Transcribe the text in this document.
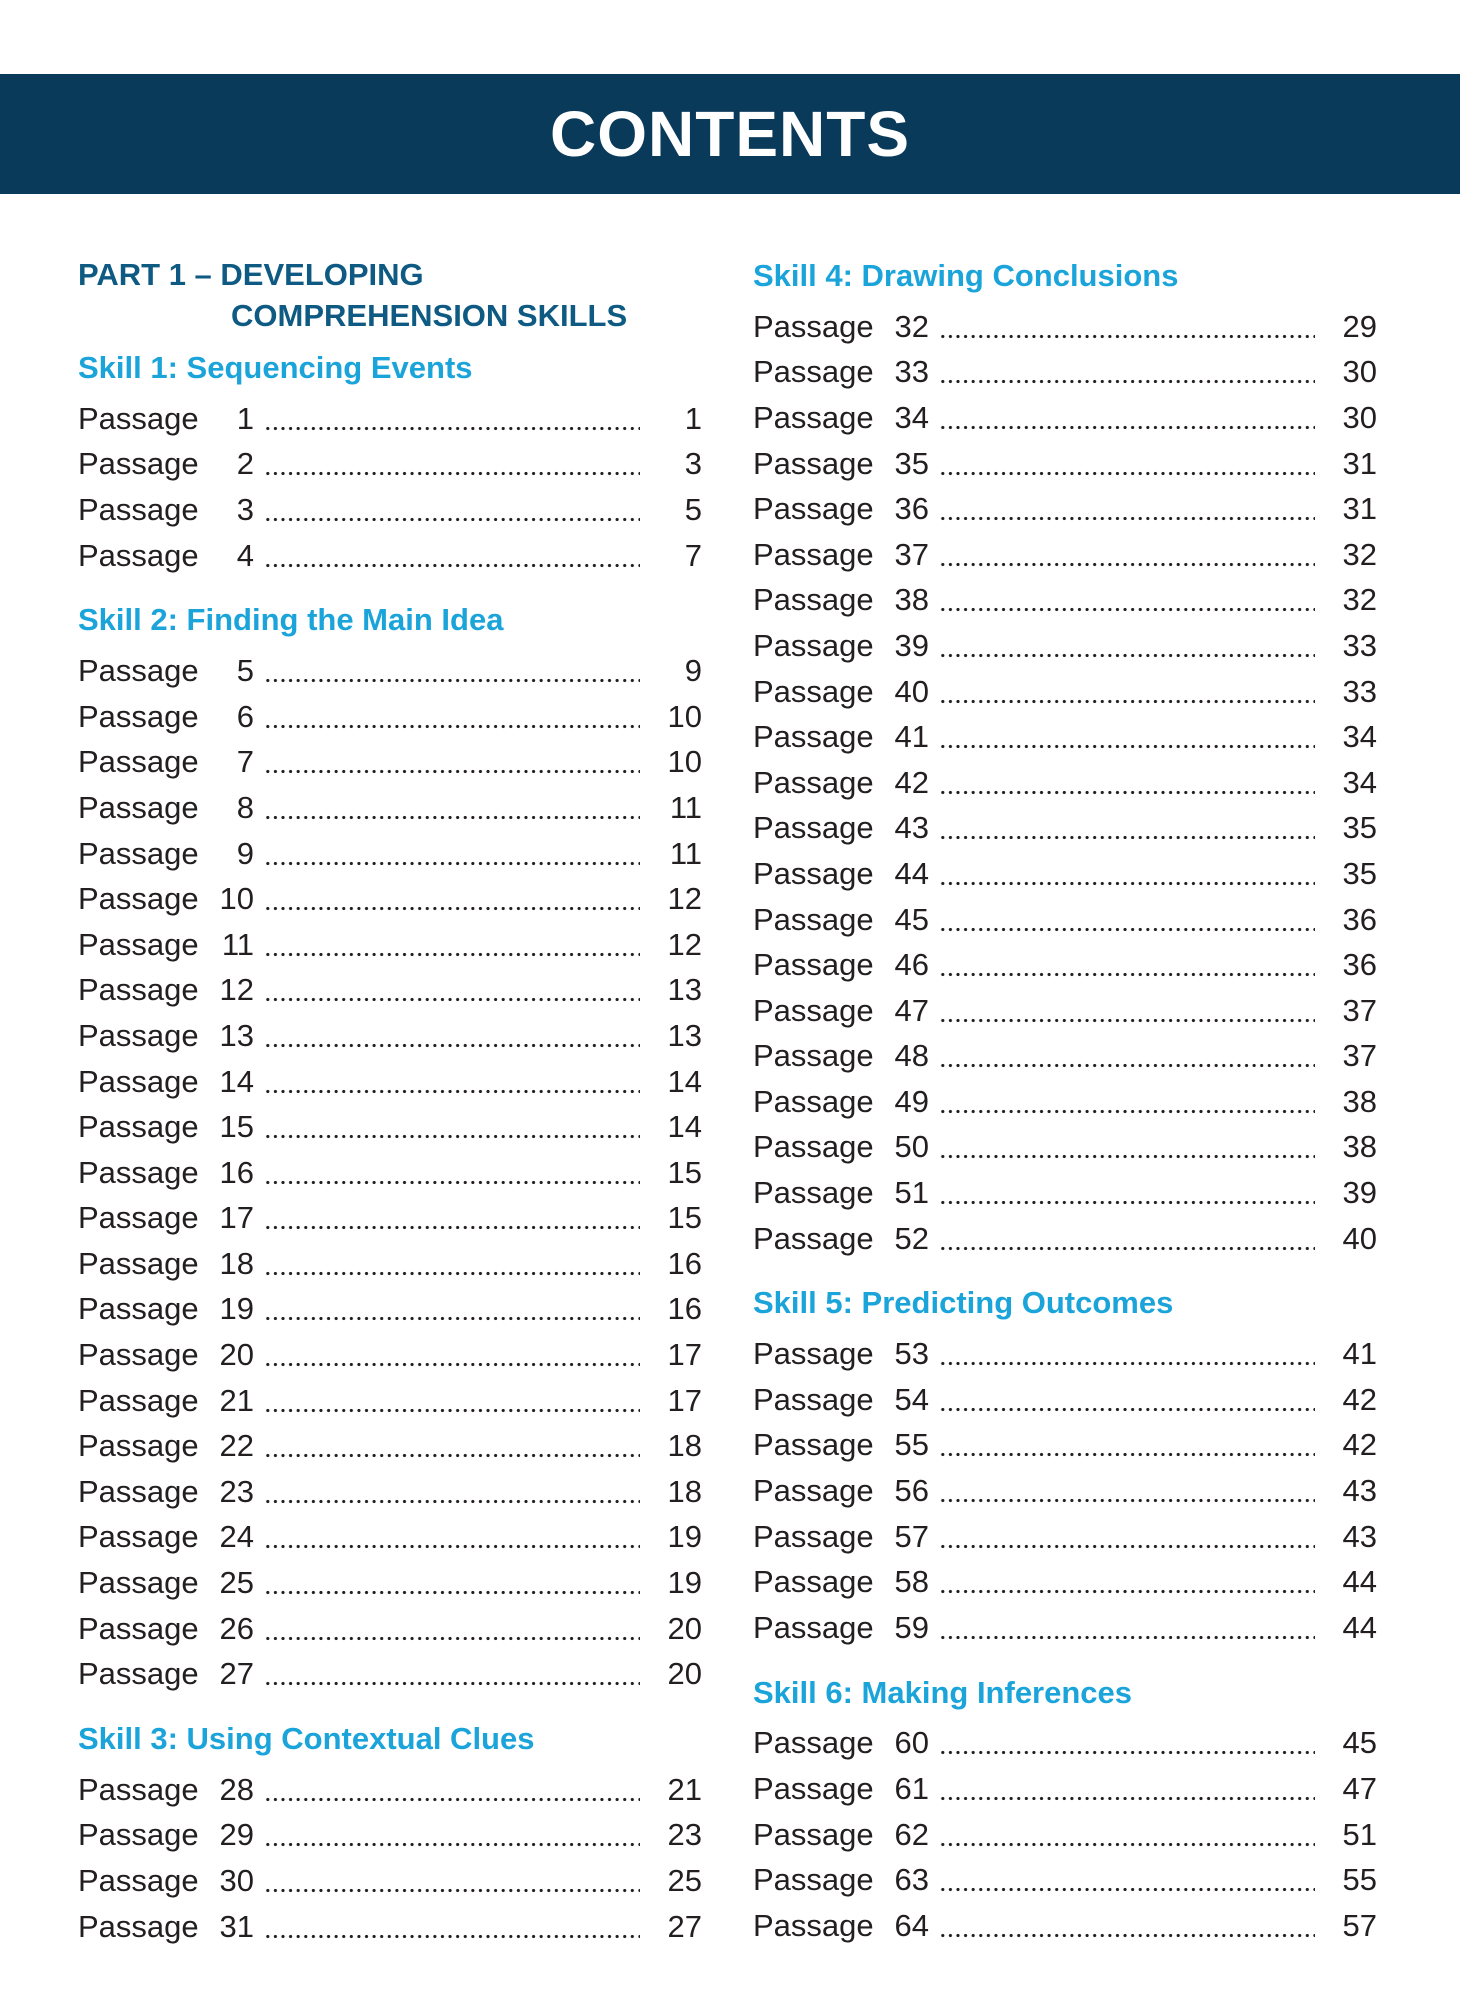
CONTENTS
PART 1 – DEVELOPING
COMPREHENSION SKILLS
Skill 1: Sequencing Events
Passage 1	1
Passage 2	3
Passage 3	5
Passage 4	7
Skill 2: Finding the Main Idea
Passage 5	9
Passage 6	10
Passage 7	10
Passage 8	11
Passage 9	11
Passage 10	12
Passage 11	12
Passage 12	13
Passage 13	13
Passage 14	14
Passage 15	14
Passage 16	15
Passage 17	15
Passage 18	16
Passage 19	16
Passage 20	17
Passage 21	17
Passage 22	18
Passage 23	18
Passage 24	19
Passage 25	19
Passage 26	20
Passage 27	20
Skill 3: Using Contextual Clues
Passage 28	21
Passage 29	23
Passage 30	25
Passage 31	27
Skill 4: Drawing Conclusions
Passage 32	29
Passage 33	30
Passage 34	30
Passage 35	31
Passage 36	31
Passage 37	32
Passage 38	32
Passage 39	33
Passage 40	33
Passage 41	34
Passage 42	34
Passage 43	35
Passage 44	35
Passage 45	36
Passage 46	36
Passage 47	37
Passage 48	37
Passage 49	38
Passage 50	38
Passage 51	39
Passage 52	40
Skill 5: Predicting Outcomes
Passage 53	41
Passage 54	42
Passage 55	42
Passage 56	43
Passage 57	43
Passage 58	44
Passage 59	44
Skill 6: Making Inferences
Passage 60	45
Passage 61	47
Passage 62	51
Passage 63	55
Passage 64	57
